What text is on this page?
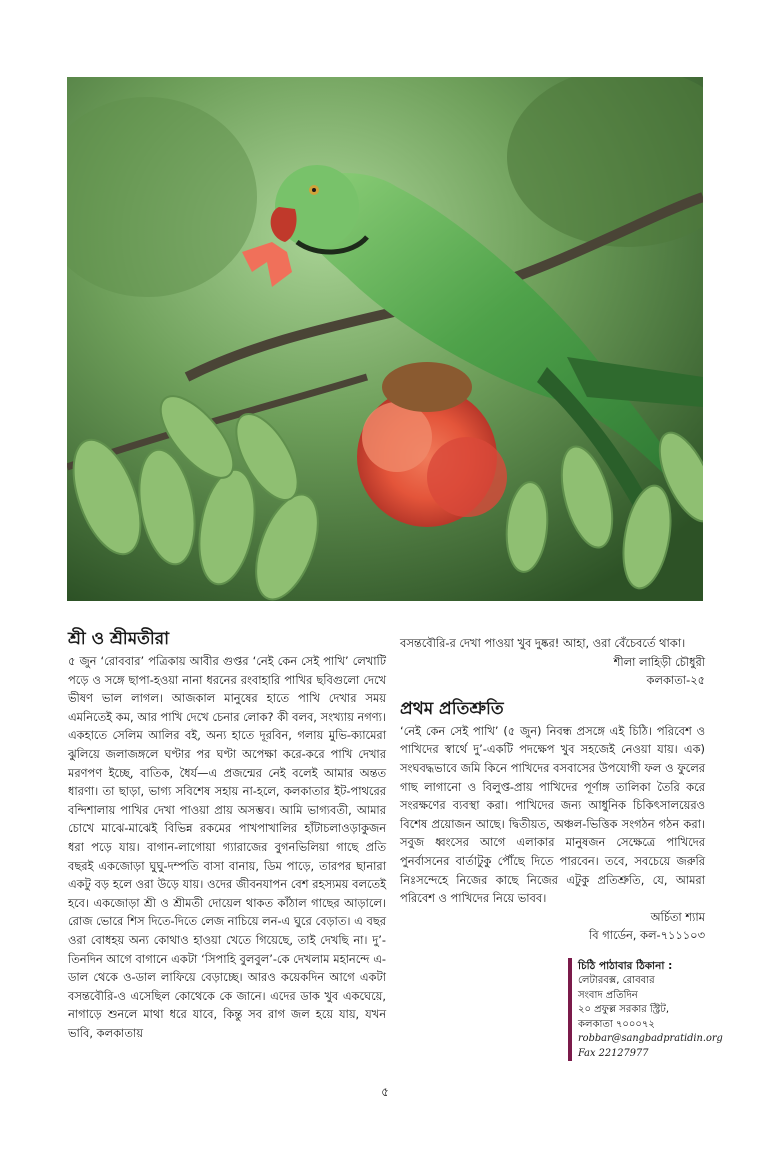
শ্রী ও শ্রীমতীরা
৫ জুন ‘রোববার’ পত্রিকায় আবীর গুপ্তর ‘নেই কেন সেই পাখি’ লেখাটি পড়ে ও সঙ্গে ছাপা-হওয়া নানা ধরনের রংবাহারি পাখির ছবিগুলো দেখে ভীষণ ভাল লাগল। আজকাল মানুষের হাতে পাখি দেখার সময় এমনিতেই কম, আর পাখি দেখে চেনার লোক? কী বলব, সংখ্যায় নগণ্য। একহাতে সেলিম আলির বই, অন্য হাতে দূরবিন, গলায় মুভি-ক্যামেরা ঝুলিয়ে জলাজঙ্গলে ঘণ্টার পর ঘণ্টা অপেক্ষা করে-করে পাখি দেখার মরণপণ ইচ্ছে, বাতিক, ধৈর্য—এ প্রজন্মের নেই বলেই আমার অন্তত ধারণা। তা ছাড়া, ভাগ্য সবিশেষ সহায় না-হলে, কলকাতার ইট-পাথরের বন্দিশালায় পাখির দেখা পাওয়া প্রায় অসম্ভব। আমি ভাগ্যবতী, আমার চোখে মাঝে-মাঝেই বিভিন্ন রকমের পাখপাখালির হাঁটাচলাওড়াকুজন ধরা পড়ে যায়। বাগান-লাগোয়া গ্যারাজের বুগনভিলিয়া গাছে প্রতি বছরই একজোড়া ঘুঘু-দম্পতি বাসা বানায়, ডিম পাড়ে, তারপর ছানারা একটু বড় হলে ওরা উড়ে যায়। ওদের জীবনযাপন বেশ রহস্যময় বলতেই হবে। একজোড়া শ্রী ও শ্রীমতী দোয়েল থাকত কাঁঠাল গাছের আড়ালে। রোজ ভোরে শিস দিতে-দিতে লেজ নাচিয়ে লন-এ ঘুরে বেড়াত। এ বছর ওরা বোধহয় অন্য কোথাও হাওয়া খেতে গিয়েছে, তাই দেখছি না। দু’-তিনদিন আগে বাগানে একটা ‘সিপাহি বুলবুল’-কে দেখলাম মহানন্দে এ-ডাল থেকে ও-ডাল লাফিয়ে বেড়াচ্ছে। আরও কয়েকদিন আগে একটা বসন্তবৌরি-ও এসেছিল কোথেকে কে জানে। এদের ডাক খুব একঘেয়ে, নাগাড়ে শুনলে মাথা ধরে যাবে, কিন্তু সব রাগ জল হয়ে যায়, যখন ভাবি, কলকাতায়
বসন্তবৌরি-র দেখা পাওয়া খুব দুষ্কর! আহা, ওরা বেঁচেবর্তে থাকা।
শীলা লাহিড়ী চৌধুরী
কলকাতা-২৫
প্রথম প্রতিশ্রুতি
‘নেই কেন সেই পাখি’ (৫ জুন) নিবন্ধ প্রসঙ্গে এই চিঠি। পরিবেশ ও পাখিদের স্বার্থে দু’-একটি পদক্ষেপ খুব সহজেই নেওয়া যায়। এক) সংঘবদ্ধভাবে জমি কিনে পাখিদের বসবাসের উপযোগী ফল ও ফুলের গাছ লাগানো ও বিলুপ্ত-প্রায় পাখিদের পূর্ণাঙ্গ তালিকা তৈরি করে সংরক্ষণের ব্যবস্থা করা। পাখিদের জন্য আধুনিক চিকিৎসালয়েরও বিশেষ প্রয়োজন আছে। দ্বিতীয়ত, অঞ্চল-ভিত্তিক সংগঠন গঠন করা। সবুজ ধ্বংসের আগে এলাকার মানুষজন সেক্ষেত্রে পাখিদের পুনর্বাসনের বার্তাটুকু পৌঁছে দিতে পারবেন। তবে, সবচেয়ে জরুরি নিঃসন্দেহে নিজের কাছে নিজের এটুকু প্রতিশ্রুতি, যে, আমরা পরিবেশ ও পাখিদের নিয়ে ভাবব।
অর্চিতা শ্যাম
বি গার্ডেন, কল-৭১১১০৩
চিঠি পাঠাবার ঠিকানা :
লেটারবক্স, রোববার
সংবাদ প্রতিদিন
২০ প্রফুল্ল সরকার স্ট্রিট,
কলকাতা ৭০০০৭২
robbar@sangbadpratidin.org
Fax 22127977
৫
